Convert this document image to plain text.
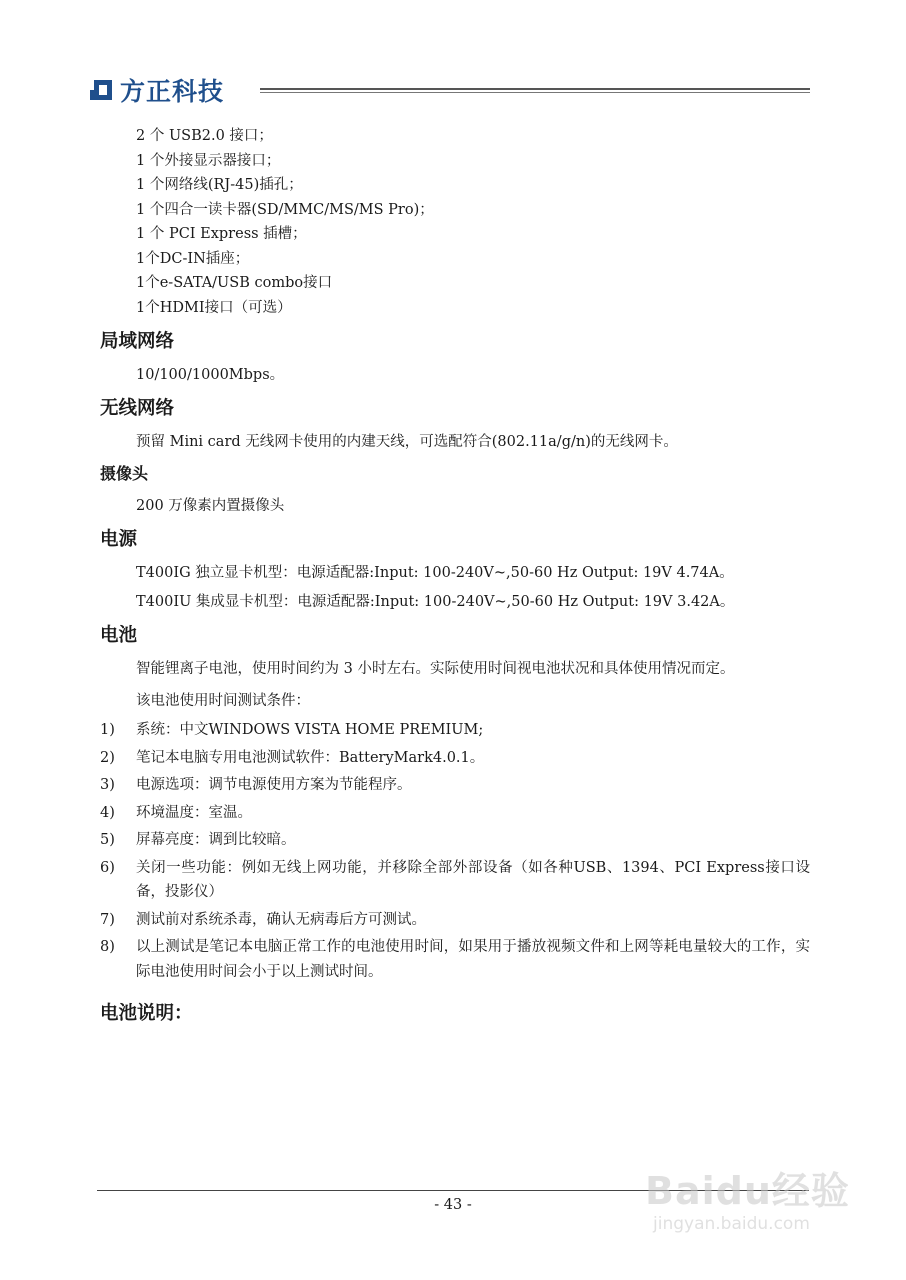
方正科技
2 个 USB2.0 接口；
1 个外接显示器接口；
1 个网络线(RJ-45)插孔；
1 个四合一读卡器(SD/MMC/MS/MS Pro)；
1 个 PCI Express 插槽；
1个DC-IN插座；
1个e-SATA/USB combo接口
1个HDMI接口（可选）
局域网络
10/100/1000Mbps。
无线网络
预留 Mini card 无线网卡使用的内建天线，可选配符合(802.11a/g/n)的无线网卡。
摄像头
200 万像素内置摄像头
电源
T400IG 独立显卡机型：电源适配器:Input: 100-240V~,50-60 Hz Output: 19V 4.74A。
T400IU 集成显卡机型：电源适配器:Input: 100-240V~,50-60 Hz Output: 19V 3.42A。
电池
智能锂离子电池，使用时间约为 3 小时左右。实际使用时间视电池状况和具体使用情况而定。
该电池使用时间测试条件：
1)	系统：中文WINDOWS VISTA HOME PREMIUM;
2)	笔记本电脑专用电池测试软件：BatteryMark4.0.1。
3)	电源选项：调节电源使用方案为节能程序。
4)	环境温度：室温。
5)	屏幕亮度：调到比较暗。
6)	关闭一些功能：例如无线上网功能，并移除全部外部设备（如各种USB、1394、PCI Express接口设备，投影仪）
7)	测试前对系统杀毒，确认无病毒后方可测试。
8)	以上测试是笔记本电脑正常工作的电池使用时间，如果用于播放视频文件和上网等耗电量较大的工作，实际电池使用时间会小于以上测试时间。
电池说明：
- 43 -	Baidu经验
jingyan.baidu.com
